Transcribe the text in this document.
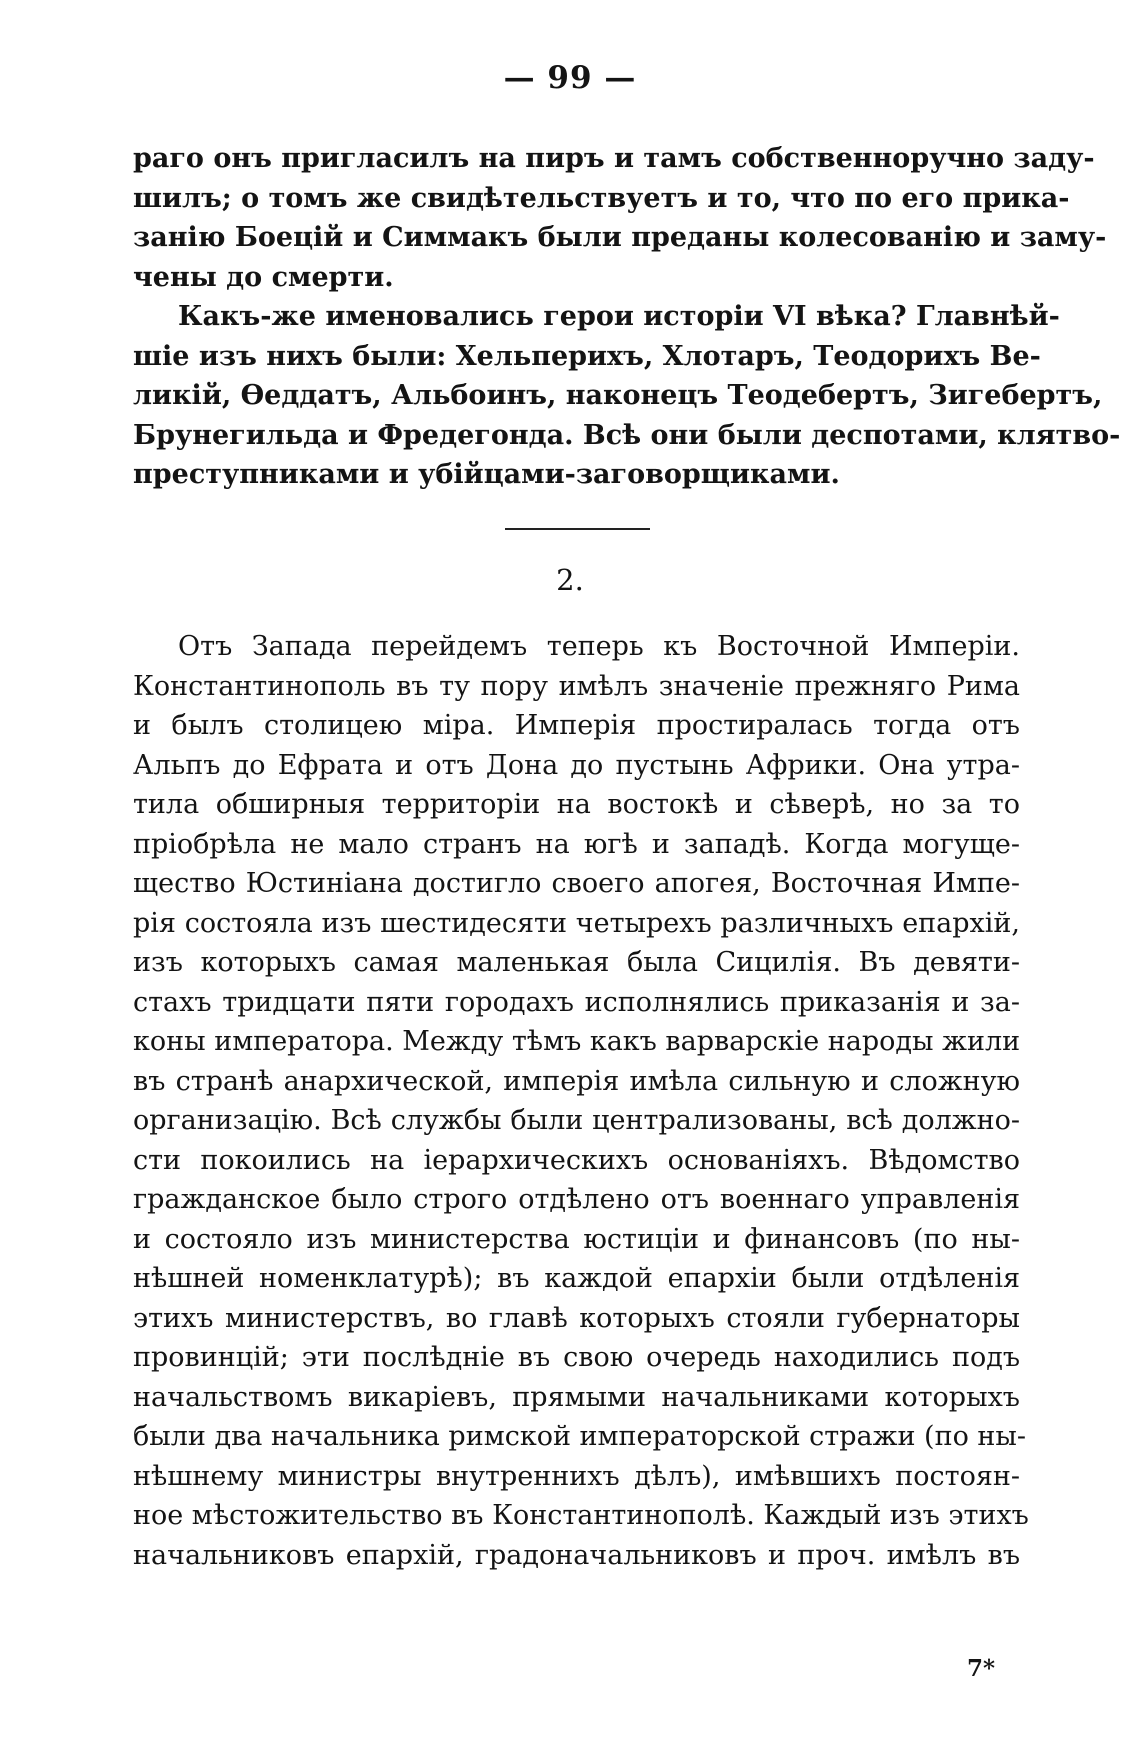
— 99 —
раго онъ пригласилъ на пиръ и тамъ собственноручно заду-
шилъ; о томъ же свидѣтельствуетъ и то, что по его прика-
занію Боецій и Симмакъ были преданы колесованію и заму-
чены до смерти.
Какъ-же именовались герои исторіи VI вѣка? Главнѣй-
шіе изъ нихъ были: Хельперихъ, Хлотаръ, Теодорихъ Ве-
ликій, Өеддатъ, Альбоинъ, наконецъ Теодебертъ, Зигебертъ,
Брунегильда и Фредегонда. Всѣ они были деспотами, клятво-
преступниками и убійцами-заговорщиками.
2.
Отъ Запада перейдемъ теперь къ Восточной Имперіи.
Константинополь въ ту пору имѣлъ значеніе прежняго Рима
и былъ столицею міра. Имперія простиралась тогда отъ
Альпъ до Ефрата и отъ Дона до пустынь Африки. Она утра-
тила обширныя территоріи на востокѣ и сѣверѣ, но за то
пріобрѣла не мало странъ на югѣ и западѣ. Когда могуще-
щество Юстиніана достигло своего апогея, Восточная Импе-
рія состояла изъ шестидесяти четырехъ различныхъ епархій,
изъ которыхъ самая маленькая была Сицилія. Въ девяти-
стахъ тридцати пяти городахъ исполнялись приказанія и за-
коны императора. Между тѣмъ какъ варварскіе народы жили
въ странѣ анархической, имперія имѣла сильную и сложную
организацію. Всѣ службы были централизованы, всѣ должно-
сти покоились на іерархическихъ основаніяхъ. Вѣдомство
гражданское было строго отдѣлено отъ военнаго управленія
и состояло изъ министерства юстиціи и финансовъ (по ны-
нѣшней номенклатурѣ); въ каждой епархіи были отдѣленія
этихъ министерствъ, во главѣ которыхъ стояли губернаторы
провинцій; эти послѣдніе въ свою очередь находились подъ
начальствомъ викаріевъ, прямыми начальниками которыхъ
были два начальника римской императорской стражи (по ны-
нѣшнему министры внутреннихъ дѣлъ), имѣвшихъ постоян-
ное мѣстожительство въ Константинополѣ. Каждый изъ этихъ
начальниковъ епархій, градоначальниковъ и проч. имѣлъ въ
7*
